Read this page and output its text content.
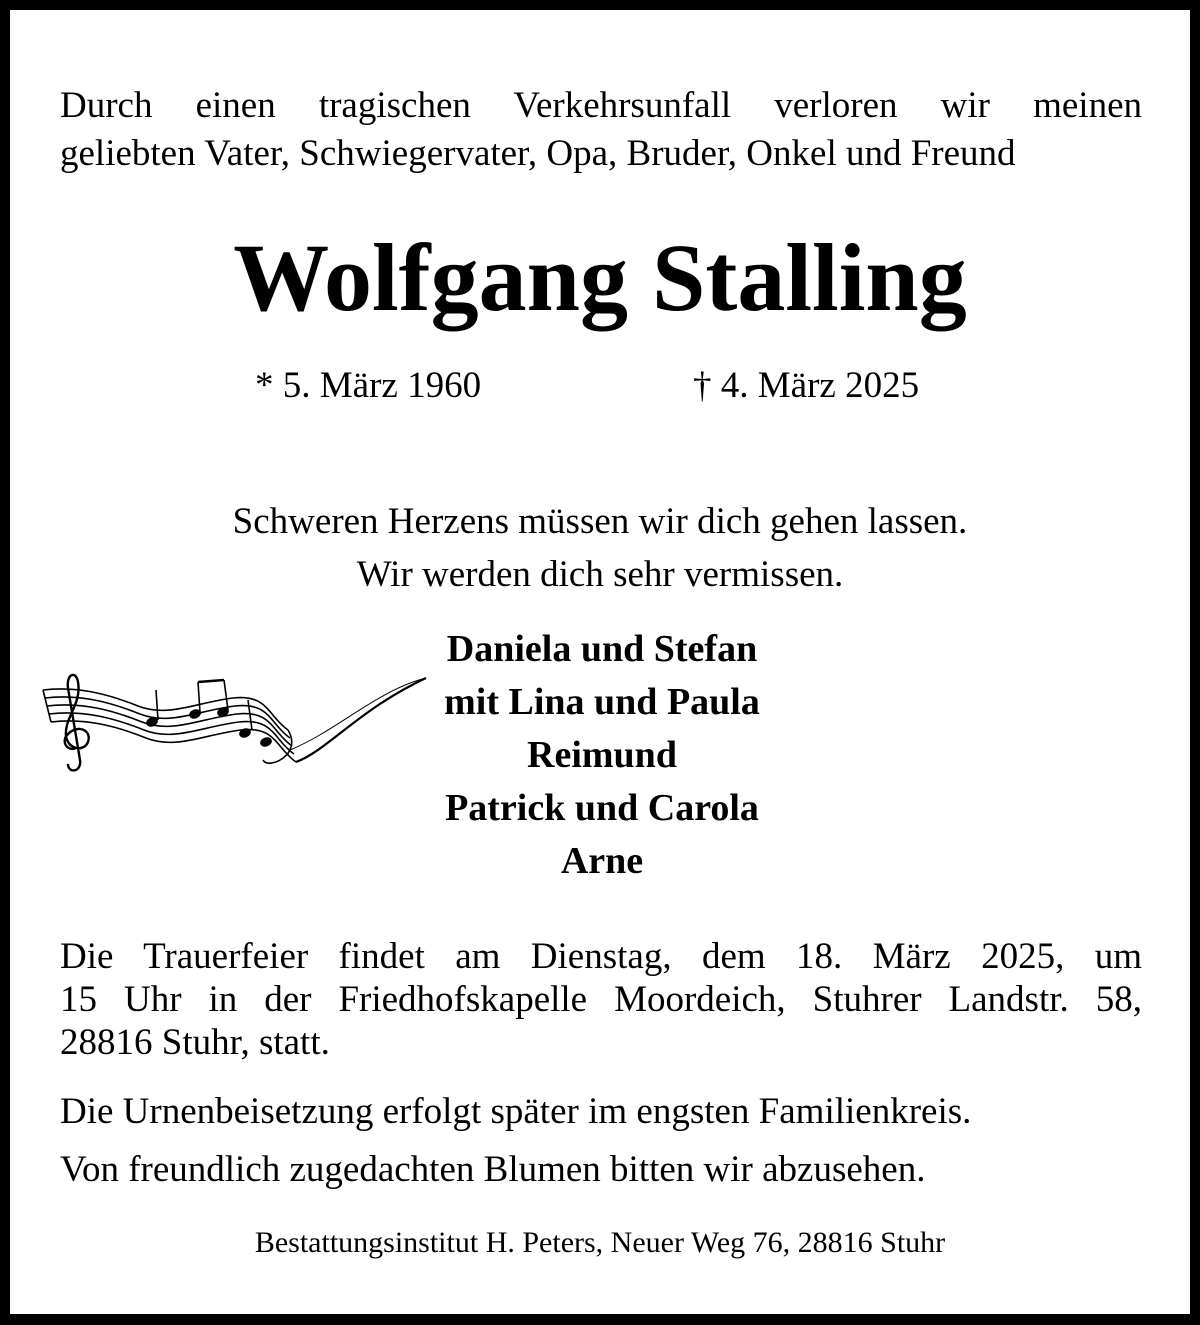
Durch einen tragischen Verkehrsunfall verloren wir meinen
geliebten Vater, Schwiegervater, Opa, Bruder, Onkel und Freund

Wolfgang Stalling
* 5. März 1960	† 4. März 2025
Schweren Herzens müssen wir dich gehen lassen.
Wir werden dich sehr vermissen.
Daniela und Stefan
mit Lina und Paula
Reimund
Patrick und Carola
Arne

Die Trauerfeier findet am Dienstag, dem 18. März 2025, um
15 Uhr in der Friedhofskapelle Moordeich, Stuhrer Landstr. 58,
28816 Stuhr, statt.

Die Urnenbeisetzung erfolgt später im engsten Familienkreis.

Von freundlich zugedachten Blumen bitten wir abzusehen.

Bestattungsinstitut H. Peters, Neuer Weg 76, 28816 Stuhr
